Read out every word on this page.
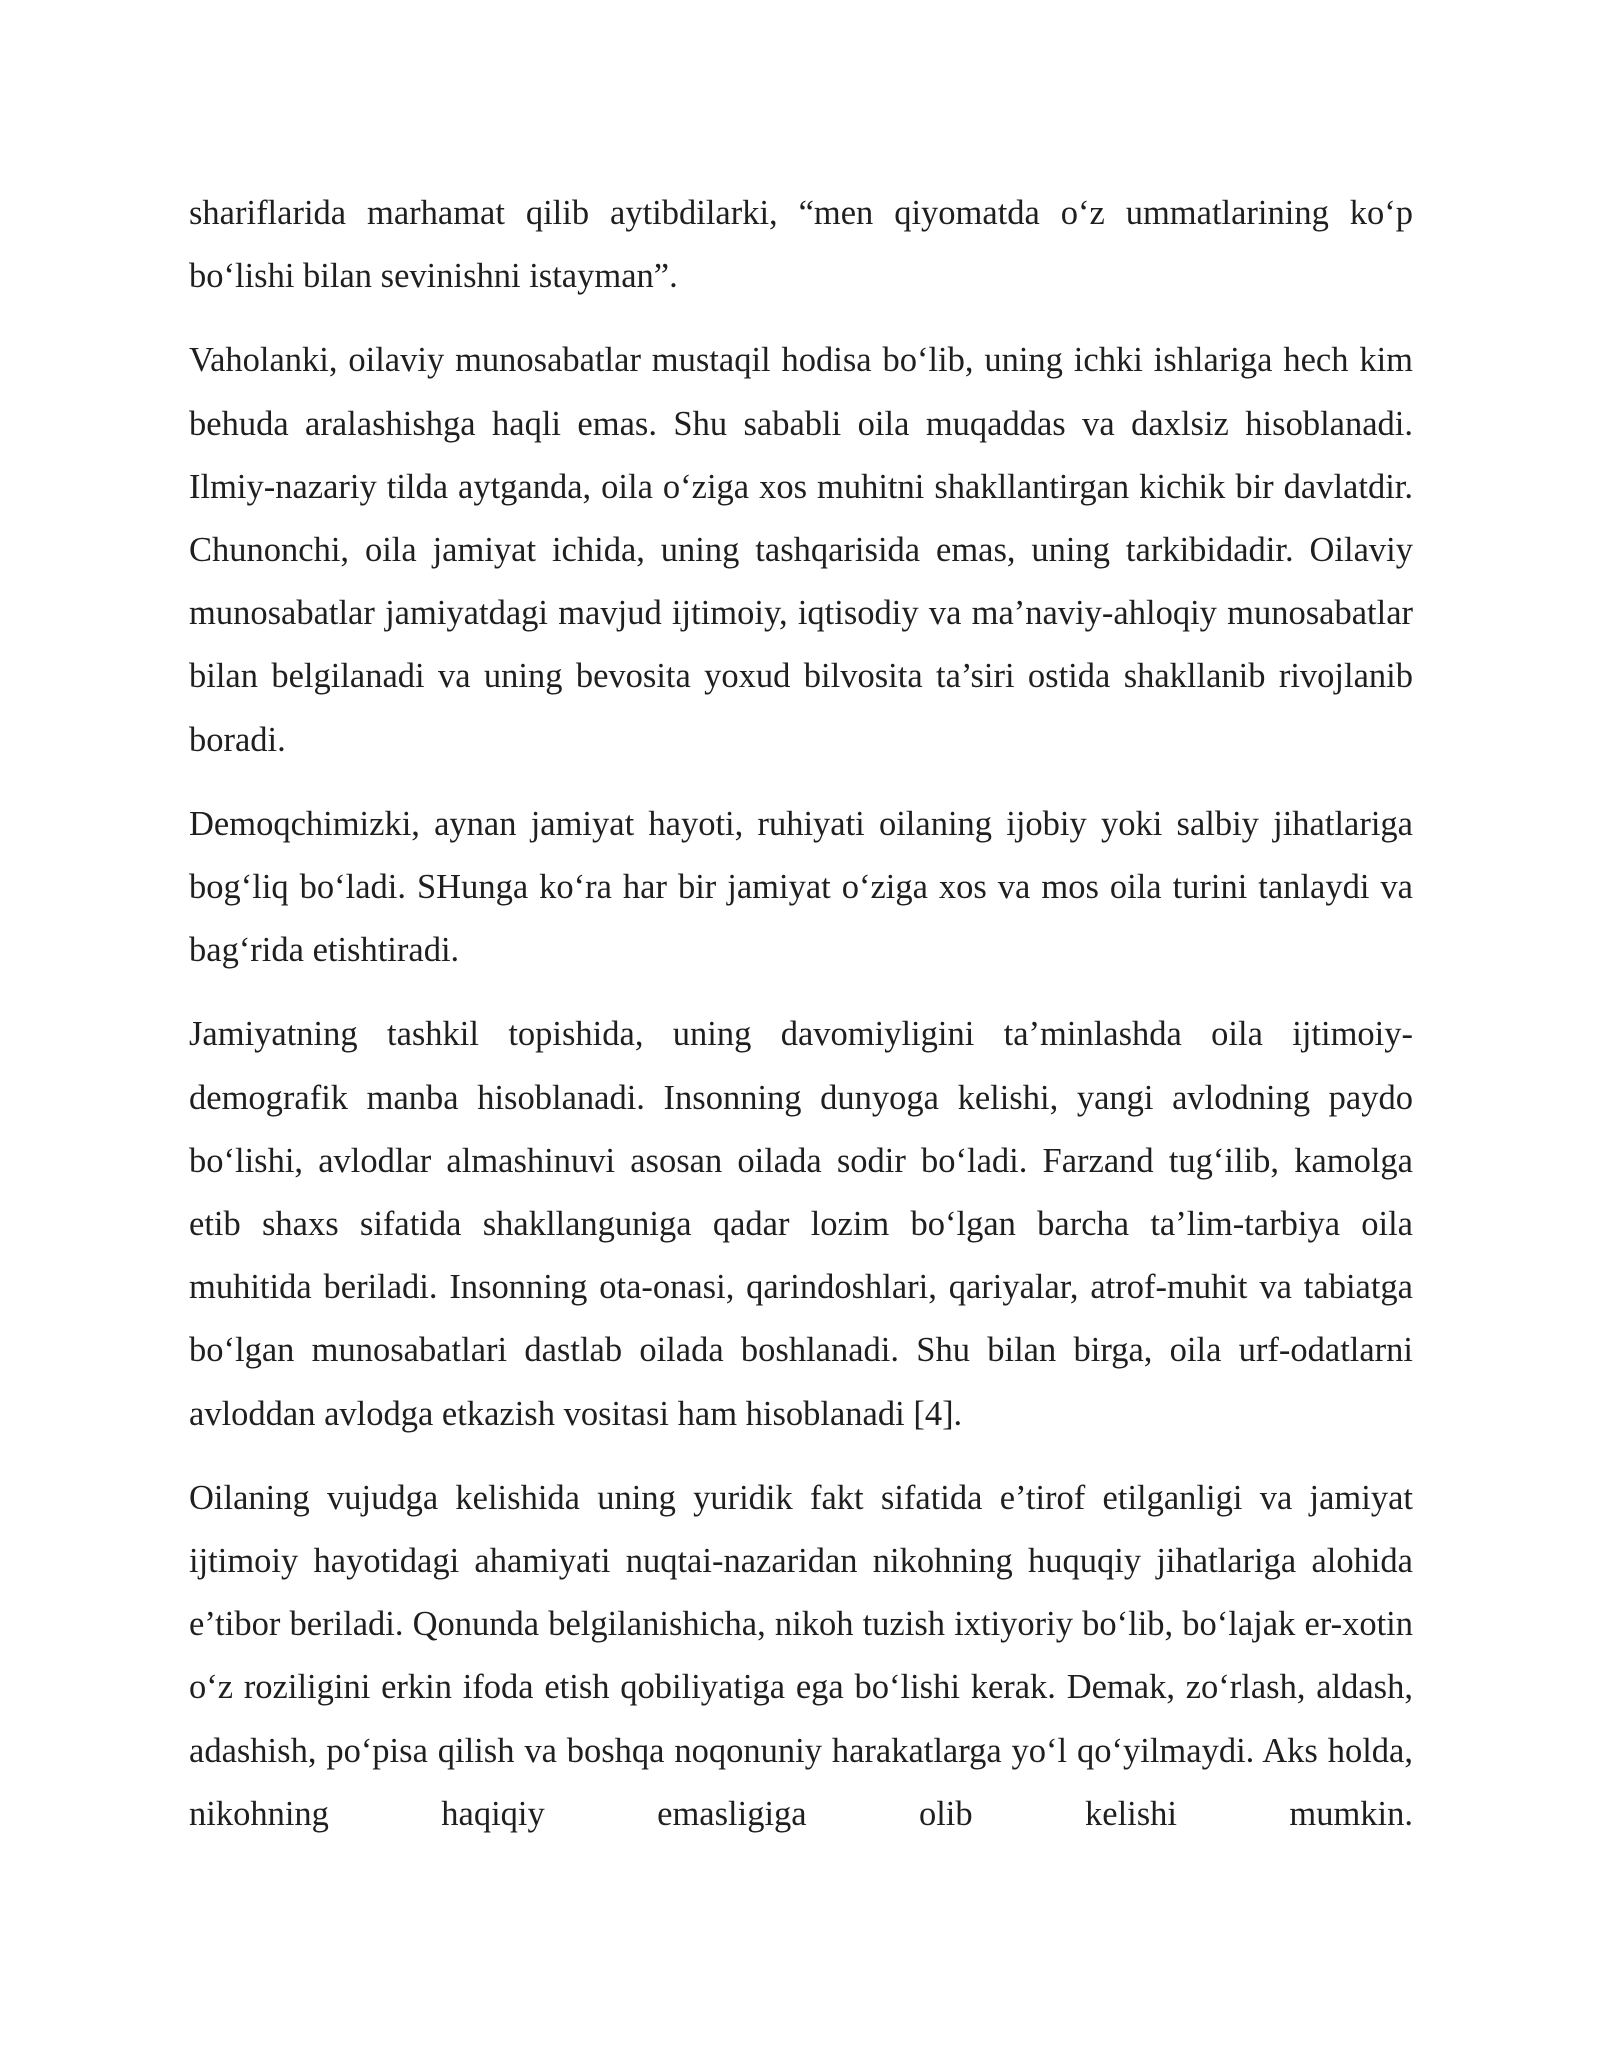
shariflarida marhamat qilib aytibdilarki, “men qiyomatda o‘z ummatlarining ko‘p bo‘lishi bilan sevinishni istayman”.

Vaholanki, oilaviy munosabatlar mustaqil hodisa bo‘lib, uning ichki ishlariga hech kim behuda aralashishga haqli emas. Shu sababli oila muqaddas va daxlsiz hisoblanadi. Ilmiy-nazariy tilda aytganda, oila o‘ziga xos muhitni shakllantirgan kichik bir davlatdir. Chunonchi, oila jamiyat ichida, uning tashqarisida emas, uning tarkibidadir. Oilaviy munosabatlar jamiyatdagi mavjud ijtimoiy, iqtisodiy va ma’naviy-ahloqiy munosabatlar bilan belgilanadi va uning bevosita yoxud bilvosita ta’siri ostida shakllanib rivojlanib boradi.

Demoqchimizki, aynan jamiyat hayoti, ruhiyati oilaning ijobiy yoki salbiy jihatlariga bog‘liq bo‘ladi. SHunga ko‘ra har bir jamiyat o‘ziga xos va mos oila turini tanlaydi va bag‘rida etishtiradi.

Jamiyatning tashkil topishida, uning davomiyligini ta’minlashda oila ijtimoiy-demografik manba hisoblanadi. Insonning dunyoga kelishi, yangi avlodning paydo bo‘lishi, avlodlar almashinuvi asosan oilada sodir bo‘ladi. Farzand tug‘ilib, kamolga etib shaxs sifatida shakllanguniga qadar lozim bo‘lgan barcha ta’lim-tarbiya oila muhitida beriladi. Insonning ota-onasi, qarindoshlari, qariyalar, atrof-muhit va tabiatga bo‘lgan munosabatlari dastlab oilada boshlanadi. Shu bilan birga, oila urf-odatlarni avloddan avlodga etkazish vositasi ham hisoblanadi [4].

Oilaning vujudga kelishida uning yuridik fakt sifatida e’tirof etilganligi va jamiyat ijtimoiy hayotidagi ahamiyati nuqtai-nazaridan nikohning huquqiy jihatlariga alohida e’tibor beriladi. Qonunda belgilanishicha, nikoh tuzish ixtiyoriy bo‘lib, bo‘lajak er-xotin o‘z roziligini erkin ifoda etish qobiliyatiga ega bo‘lishi kerak. Demak, zo‘rlash, aldash, adashish, po‘pisa qilish va boshqa noqonuniy harakatlarga yo‘l qo‘yilmaydi. Aks holda, nikohning haqiqiy emasligiga olib kelishi mumkin.
